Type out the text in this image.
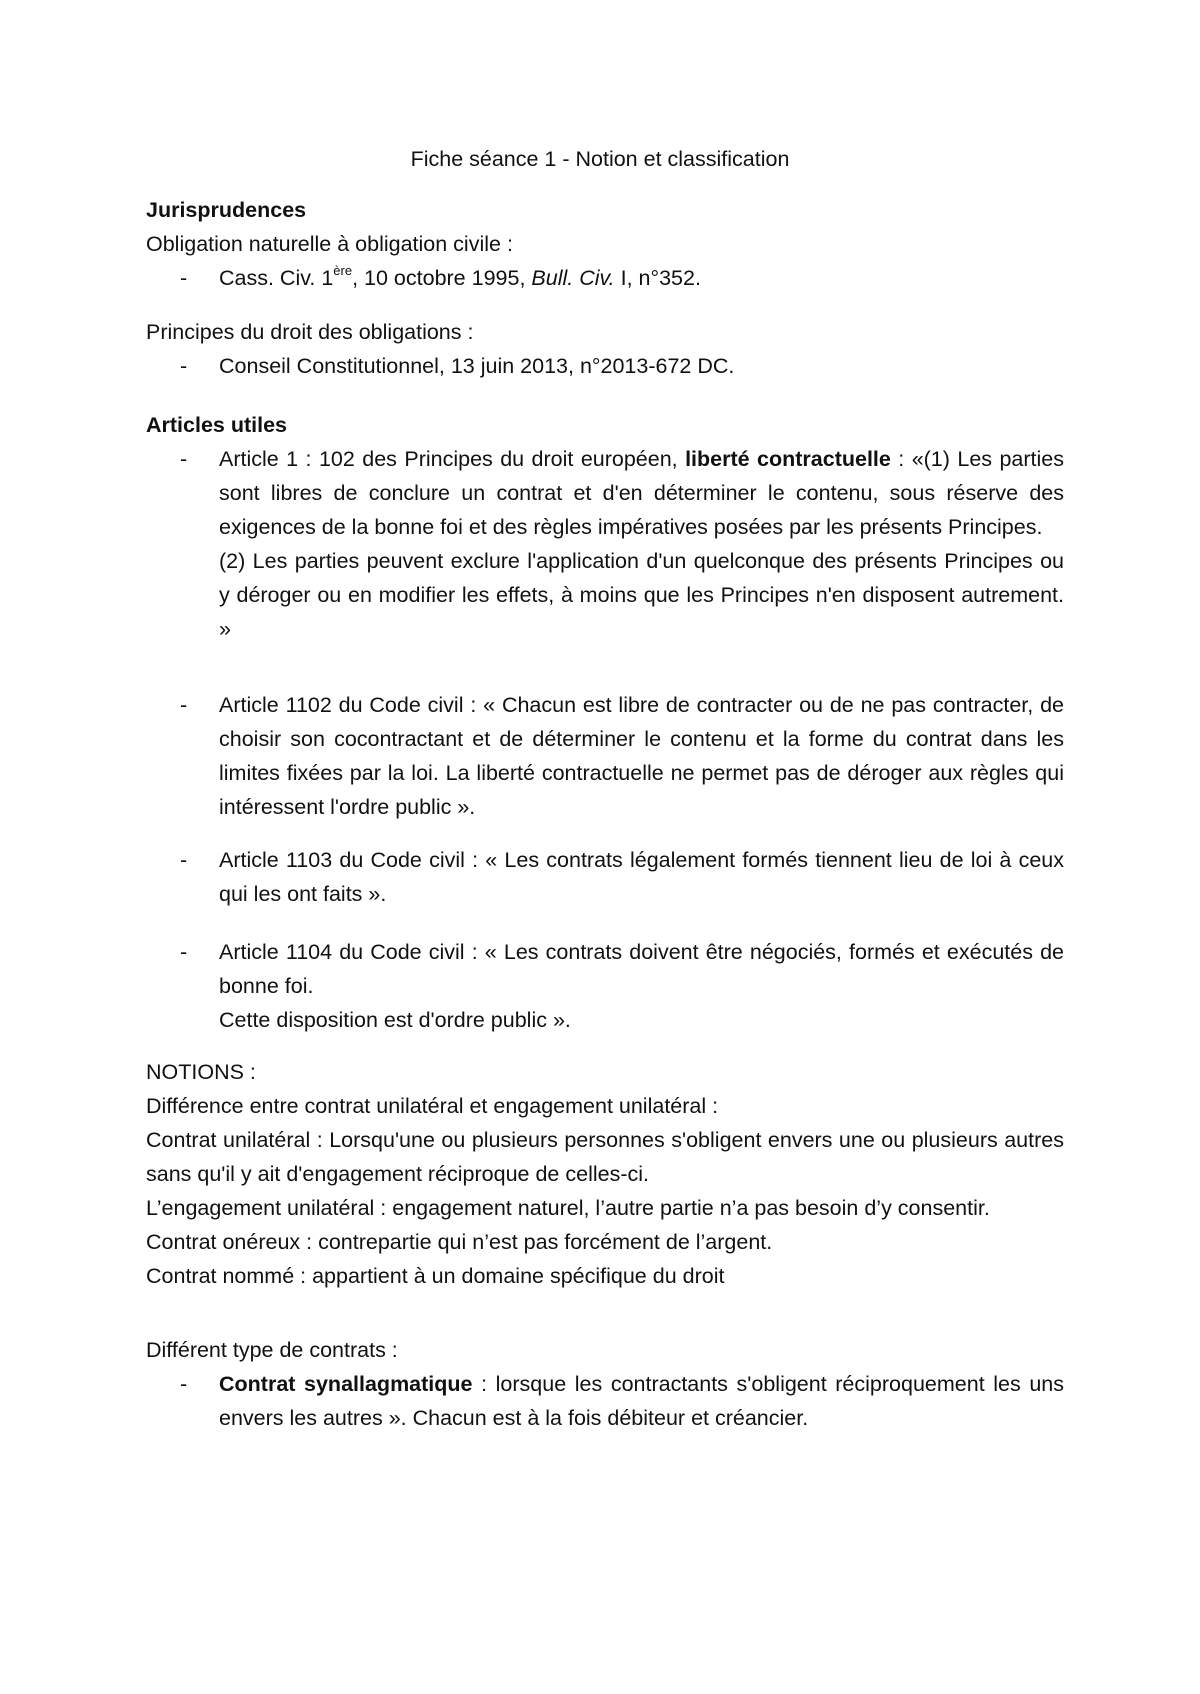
Fiche séance 1 - Notion et classification
Jurisprudences
Obligation naturelle à obligation civile :
- Cass. Civ. 1ère, 10 octobre 1995, Bull. Civ. I, n°352.
Principes du droit des obligations :
- Conseil Constitutionnel, 13 juin 2013, n°2013-672 DC.
Articles utiles
- Article 1 : 102 des Principes du droit européen, liberté contractuelle : «(1) Les parties sont libres de conclure un contrat et d'en déterminer le contenu, sous réserve des exigences de la bonne foi et des règles impératives posées par les présents Principes.

(2) Les parties peuvent exclure l'application d'un quelconque des présents Principes ou y déroger ou en modifier les effets, à moins que les Principes n'en disposent autrement. »

- Article 1102 du Code civil : « Chacun est libre de contracter ou de ne pas contracter, de choisir son cocontractant et de déterminer le contenu et la forme du contrat dans les limites fixées par la loi. La liberté contractuelle ne permet pas de déroger aux règles qui intéressent l'ordre public ».

- Article 1103 du Code civil : « Les contrats légalement formés tiennent lieu de loi à ceux qui les ont faits ».

- Article 1104 du Code civil : « Les contrats doivent être négociés, formés et exécutés de bonne foi.

Cette disposition est d'ordre public ».

NOTIONS :
Différence entre contrat unilatéral et engagement unilatéral :

Contrat unilatéral : Lorsqu'une ou plusieurs personnes s'obligent envers une ou plusieurs autres sans qu'il y ait d'engagement réciproque de celles-ci.

L’engagement unilatéral : engagement naturel, l’autre partie n’a pas besoin d’y consentir.

Contrat onéreux : contrepartie qui n’est pas forcément de l’argent.
Contrat nommé : appartient à un domaine spécifique du droit
Différent type de contrats :
- Contrat synallagmatique : lorsque les contractants s'obligent réciproquement les uns envers les autres ». Chacun est à la fois débiteur et créancier.
